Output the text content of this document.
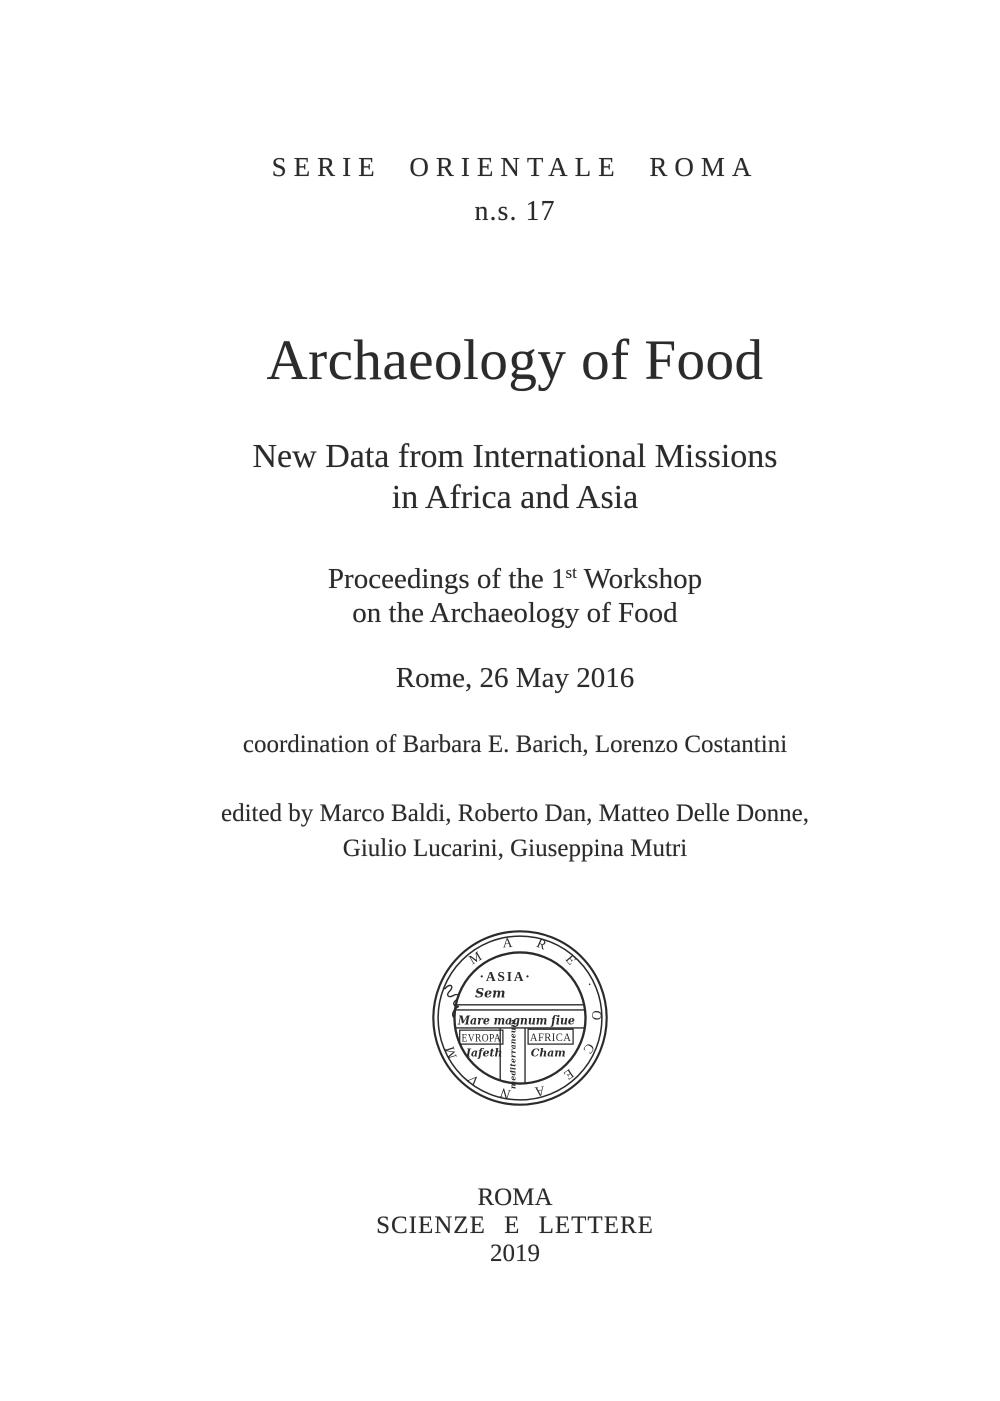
SERIE ORIENTALE ROMA
n.s. 17
Archaeology of Food
New Data from International Missions
in Africa and Asia
Proceedings of the 1st Workshop
on the Archaeology of Food
Rome, 26 May 2016
coordination of Barbara E. Barich, Lorenzo Costantini
edited by Marco Baldi, Roberto Dan, Matteo Delle Donne,
Giulio Lucarini, Giuseppina Mutri
MARE·OCEANVM
·ASIA·
Sem
Mare magnum ſiue
EVROPA
Iafeth
AFRICA
Cham
mediterraneum
ROMA
SCIENZE E LETTERE
2019
